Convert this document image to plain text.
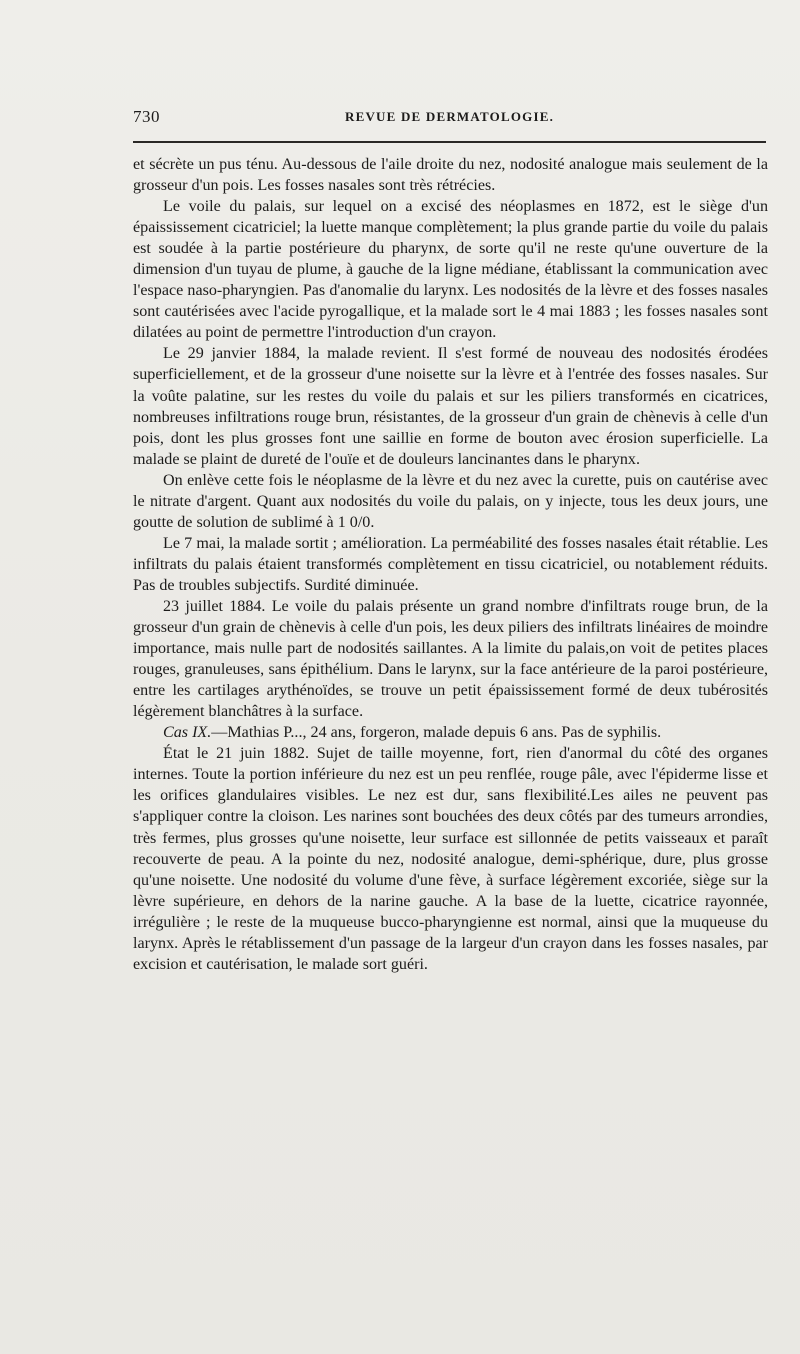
730	REVUE DE DERMATOLOGIE.

et sécrète un pus ténu. Au-dessous de l'aile droite du nez, nodosité analogue mais seulement de la grosseur d'un pois. Les fosses nasales sont très rétrécies.

Le voile du palais, sur lequel on a excisé des néoplasmes en 1872, est le siège d'un épaississement cicatriciel; la luette manque complètement; la plus grande partie du voile du palais est soudée à la partie postérieure du pharynx, de sorte qu'il ne reste qu'une ouverture de la dimension d'un tuyau de plume, à gauche de la ligne médiane, établissant la communication avec l'espace naso-pharyngien. Pas d'anomalie du larynx. Les nodosités de la lèvre et des fosses nasales sont cautérisées avec l'acide pyrogallique, et la malade sort le 4 mai 1883 ; les fosses nasales sont dilatées au point de permettre l'introduction d'un crayon.

Le 29 janvier 1884, la malade revient. Il s'est formé de nouveau des nodosités érodées superficiellement, et de la grosseur d'une noisette sur la lèvre et à l'entrée des fosses nasales. Sur la voûte palatine, sur les restes du voile du palais et sur les piliers transformés en cicatrices, nombreuses infiltrations rouge brun, résistantes, de la grosseur d'un grain de chènevis à celle d'un pois, dont les plus grosses font une saillie en forme de bouton avec érosion superficielle. La malade se plaint de dureté de l'ouïe et de douleurs lancinantes dans le pharynx.

On enlève cette fois le néoplasme de la lèvre et du nez avec la curette, puis on cautérise avec le nitrate d'argent. Quant aux nodosités du voile du palais, on y injecte, tous les deux jours, une goutte de solution de sublimé à 1 0/0.

Le 7 mai, la malade sortit ; amélioration. La perméabilité des fosses nasales était rétablie. Les infiltrats du palais étaient transformés complètement en tissu cicatriciel, ou notablement réduits. Pas de troubles subjectifs. Surdité diminuée.

23 juillet 1884. Le voile du palais présente un grand nombre d'infiltrats rouge brun, de la grosseur d'un grain de chènevis à celle d'un pois, les deux piliers des infiltrats linéaires de moindre importance, mais nulle part de nodosités saillantes. A la limite du palais,on voit de petites places rouges, granuleuses, sans épithélium. Dans le larynx, sur la face antérieure de la paroi postérieure, entre les cartilages arythénoïdes, se trouve un petit épaississement formé de deux tubérosités légèrement blanchâtres à la surface.

Cas IX.—Mathias P..., 24 ans, forgeron, malade depuis 6 ans. Pas de syphilis.

État le 21 juin 1882. Sujet de taille moyenne, fort, rien d'anormal du côté des organes internes. Toute la portion inférieure du nez est un peu renflée, rouge pâle, avec l'épiderme lisse et les orifices glandulaires visibles. Le nez est dur, sans flexibilité.Les ailes ne peuvent pas s'appliquer contre la cloison. Les narines sont bouchées des deux côtés par des tumeurs arrondies, très fermes, plus grosses qu'une noisette, leur surface est sillonnée de petits vaisseaux et paraît recouverte de peau. A la pointe du nez, nodosité analogue, demi-sphérique, dure, plus grosse qu'une noisette. Une nodosité du volume d'une fève, à surface légèrement excoriée, siège sur la lèvre supérieure, en dehors de la narine gauche. A la base de la luette, cicatrice rayonnée, irrégulière ; le reste de la muqueuse bucco-pharyngienne est normal, ainsi que la muqueuse du larynx. Après le rétablissement d'un passage de la largeur d'un crayon dans les fosses nasales, par excision et cautérisation, le malade sort guéri.
